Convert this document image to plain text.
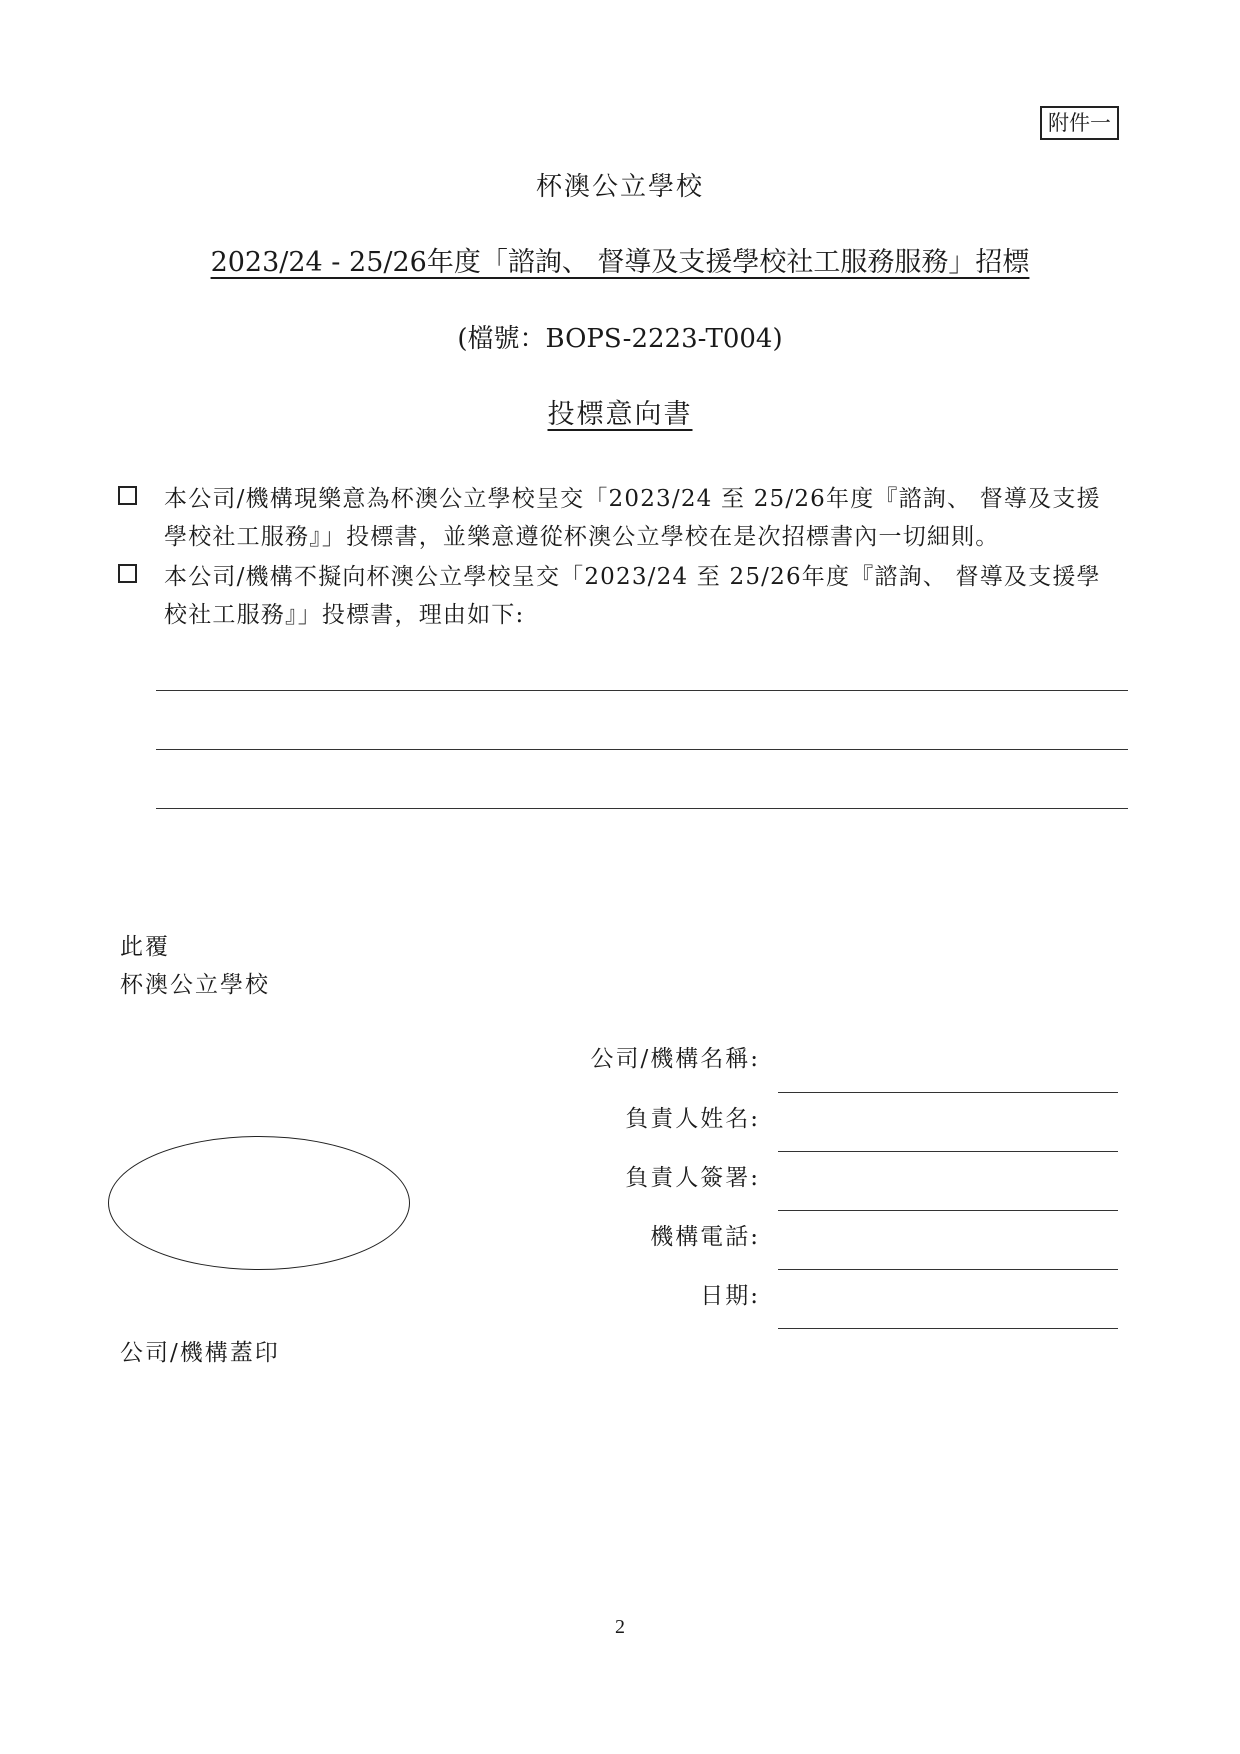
附件一
杯澳公立學校
2023/24 - 25/26年度「諮詢、 督導及支援學校社工服務服務」招標
(檔號：BOPS-2223-T004)
投標意向書
本公司/機構現樂意為杯澳公立學校呈交「2023/24 至 25/26年度『諮詢、 督導及支援
學校社工服務』」投標書，並樂意遵從杯澳公立學校在是次招標書內一切細則。
本公司/機構不擬向杯澳公立學校呈交「2023/24 至 25/26年度『諮詢、 督導及支援學
校社工服務』」投標書，理由如下:
此覆
杯澳公立學校
公司/機構名稱:
負責人姓名:
負責人簽署:
機構電話:
日期:
公司/機構蓋印
2
